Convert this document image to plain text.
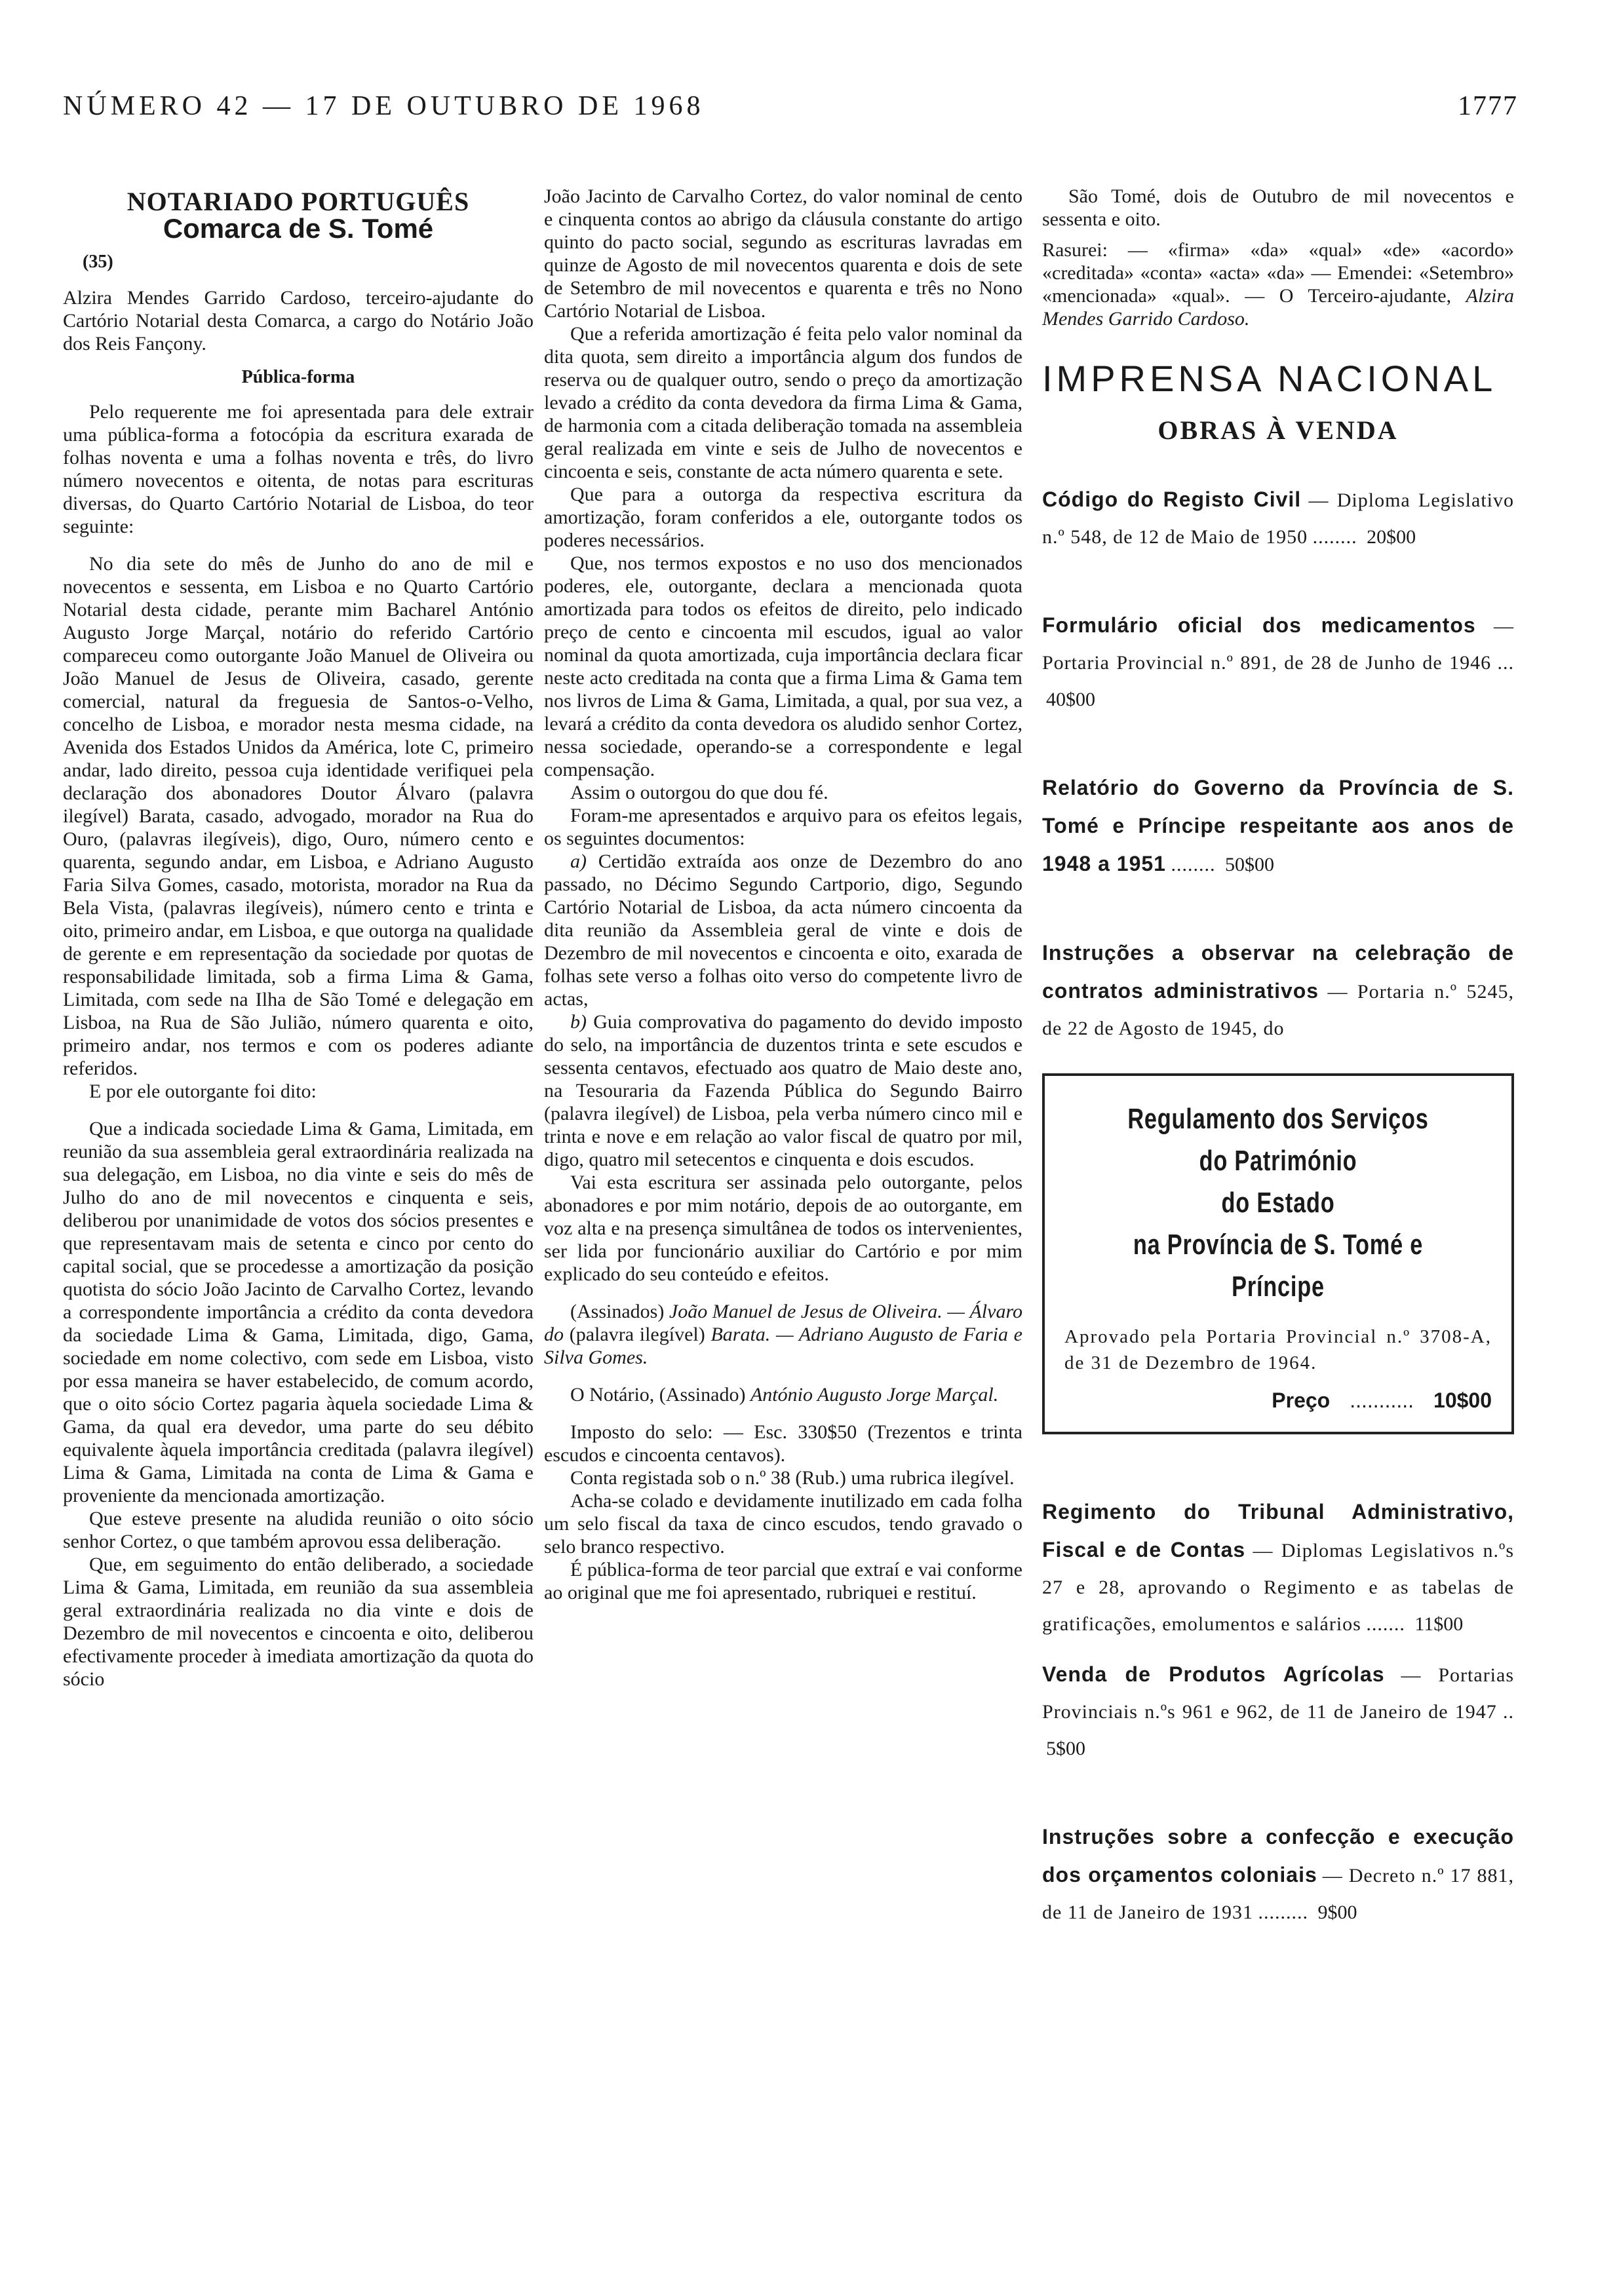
NÚMERO 42 — 17 DE OUTUBRO DE 1968	1777
NOTARIADO PORTUGUÊS
Comarca de S. Tomé
(35)

Alzira Mendes Garrido Cardoso, terceiro-ajudante do Cartório Notarial desta Comarca, a cargo do Notário João dos Reis Fançony.

Pública-forma

Pelo requerente me foi apresentada para dele extrair uma pública-forma a fotocópia da escritura exarada de folhas noventa e uma a folhas noventa e três, do livro número novecentos e oitenta, de notas para escrituras diversas, do Quarto Cartório Notarial de Lisboa, do teor seguinte:

No dia sete do mês de Junho do ano de mil e novecentos e sessenta, em Lisboa e no Quarto Cartório Notarial desta cidade, perante mim Bacharel António Augusto Jorge Marçal, notário do referido Cartório compareceu como outorgante João Manuel de Oliveira ou João Manuel de Jesus de Oliveira, casado, gerente comercial, natural da freguesia de Santos-o-Velho, concelho de Lisboa, e morador nesta mesma cidade, na Avenida dos Estados Unidos da América, lote C, primeiro andar, lado direito, pessoa cuja identidade verifiquei pela declaração dos abonadores Doutor Álvaro (palavra ilegível) Barata, casado, advogado, morador na Rua do Ouro, (palavras ilegíveis), digo, Ouro, número cento e quarenta, segundo andar, em Lisboa, e Adriano Augusto Faria Silva Gomes, casado, motorista, morador na Rua da Bela Vista, (palavras ilegíveis), número cento e trinta e oito, primeiro andar, em Lisboa, e que outorga na qualidade de gerente e em representação da sociedade por quotas de responsabilidade limitada, sob a firma Lima & Gama, Limitada, com sede na Ilha de São Tomé e delegação em Lisboa, na Rua de São Julião, número quarenta e oito, primeiro andar, nos termos e com os poderes adiante referidos.

E por ele outorgante foi dito:

Que a indicada sociedade Lima & Gama, Limitada, em reunião da sua assembleia geral extraordinária realizada na sua delegação, em Lisboa, no dia vinte e seis do mês de Julho do ano de mil novecentos e cinquenta e seis, deliberou por unanimidade de votos dos sócios presentes e que representavam mais de setenta e cinco por cento do capital social, que se procedesse a amortização da posição quotista do sócio João Jacinto de Carvalho Cortez, levando a correspondente importância a crédito da conta devedora da sociedade Lima & Gama, Limitada, digo, Gama, sociedade em nome colectivo, com sede em Lisboa, visto por essa maneira se haver estabelecido, de comum acordo, que o oito sócio Cortez pagaria àquela sociedade Lima & Gama, da qual era devedor, uma parte do seu débito equivalente àquela importância creditada (palavra ilegível) Lima & Gama, Limitada na conta de Lima & Gama e proveniente da mencionada amortização.

Que esteve presente na aludida reunião o oito sócio senhor Cortez, o que também aprovou essa deliberação.

Que, em seguimento do então deliberado, a sociedade Lima & Gama, Limitada, em reunião da sua assembleia geral extraordinária realizada no dia vinte e dois de Dezembro de mil novecentos e cincoenta e oito, deliberou efectivamente proceder à imediata amortização da quota do sócio

João Jacinto de Carvalho Cortez, do valor nominal de cento e cinquenta contos ao abrigo da cláusula constante do artigo quinto do pacto social, segundo as escrituras lavradas em quinze de Agosto de mil novecentos quarenta e dois de sete de Setembro de mil novecentos e quarenta e três no Nono Cartório Notarial de Lisboa.

Que a referida amortização é feita pelo valor nominal da dita quota, sem direito a importância algum dos fundos de reserva ou de qualquer outro, sendo o preço da amortização levado a crédito da conta devedora da firma Lima & Gama, de harmonia com a citada deliberação tomada na assembleia geral realizada em vinte e seis de Julho de novecentos e cincoenta e seis, constante de acta número quarenta e sete.

Que para a outorga da respectiva escritura da amortização, foram conferidos a ele, outorgante todos os poderes necessários.

Que, nos termos expostos e no uso dos mencionados poderes, ele, outorgante, declara a mencionada quota amortizada para todos os efeitos de direito, pelo indicado preço de cento e cincoenta mil escudos, igual ao valor nominal da quota amortizada, cuja importância declara ficar neste acto creditada na conta que a firma Lima & Gama tem nos livros de Lima & Gama, Limitada, a qual, por sua vez, a levará a crédito da conta devedora os aludido senhor Cortez, nessa sociedade, operando-se a correspondente e legal compensação.

Assim o outorgou do que dou fé.

Foram-me apresentados e arquivo para os efeitos legais, os seguintes documentos:

a) Certidão extraída aos onze de Dezembro do ano passado, no Décimo Segundo Cartporio, digo, Segundo Cartório Notarial de Lisboa, da acta número cincoenta da dita reunião da Assembleia geral de vinte e dois de Dezembro de mil novecentos e cincoenta e oito, exarada de folhas sete verso a folhas oito verso do competente livro de actas,

b) Guia comprovativa do pagamento do devido imposto do selo, na importância de duzentos trinta e sete escudos e sessenta centavos, efectuado aos quatro de Maio deste ano, na Tesouraria da Fazenda Pública do Segundo Bairro (palavra ilegível) de Lisboa, pela verba número cinco mil e trinta e nove e em relação ao valor fiscal de quatro por mil, digo, quatro mil setecentos e cinquenta e dois escudos.

Vai esta escritura ser assinada pelo outorgante, pelos abonadores e por mim notário, depois de ao outorgante, em voz alta e na presença simultânea de todos os intervenientes, ser lida por funcionário auxiliar do Cartório e por mim explicado do seu conteúdo e efeitos.

(Assinados) João Manuel de Jesus de Oliveira. — Álvaro do (palavra ilegível) Barata. — Adriano Augusto de Faria e Silva Gomes.

O Notário, (Assinado) António Augusto Jorge Marçal.

Imposto do selo: — Esc. 330$50 (Trezentos e trinta escudos e cincoenta centavos).

Conta registada sob o n.º 38 (Rub.) uma rubrica ilegível.

Acha-se colado e devidamente inutilizado em cada folha um selo fiscal da taxa de cinco escudos, tendo gravado o selo branco respectivo.

É pública-forma de teor parcial que extraí e vai conforme ao original que me foi apresentado, rubriquei e restituí.

São Tomé, dois de Outubro de mil novecentos e sessenta e oito.

Rasurei: — «firma» «da» «qual» «de» «acordo» «creditada» «conta» «acta» «da» — Emendei: «Setembro» «mencionada» «qual». — O Terceiro-ajudante, Alzira Mendes Garrido Cardoso.

IMPRENSA NACIONAL
OBRAS À VENDA
Código do Registo Civil — Diploma Legislativo n.º 548, de 12 de Maio de 1950 ........ 20$00
Formulário oficial dos medicamentos — Portaria Provincial n.º 891, de 28 de Junho de 1946 ... 40$00
Relatório do Governo da Província de S. Tomé e Príncipe respeitante aos anos de 1948 a 1951 ........ 50$00
Instruções a observar na celebração de contratos administrativos — Portaria n.º 5245, de 22 de Agosto de 1945, do
Regulamento dos Serviços do Património
do Estado
na Província de S. Tomé e Príncipe
Aprovado pela Portaria Provincial n.º 3708-A, de 31 de Dezembro de 1964.
Preço ........... 10$00
Regimento do Tribunal Administrativo, Fiscal e de Contas — Diplomas Legislativos n.ºs 27 e 28, aprovando o Regimento e as tabelas de gratificações, emolumentos e salários ....... 11$00
Venda de Produtos Agrícolas — Portarias Provinciais n.ºs 961 e 962, de 11 de Janeiro de 1947 .. 5$00
Instruções sobre a confecção e execução dos orçamentos coloniais — Decreto n.º 17 881, de 11 de Janeiro de 1931 ......... 9$00
